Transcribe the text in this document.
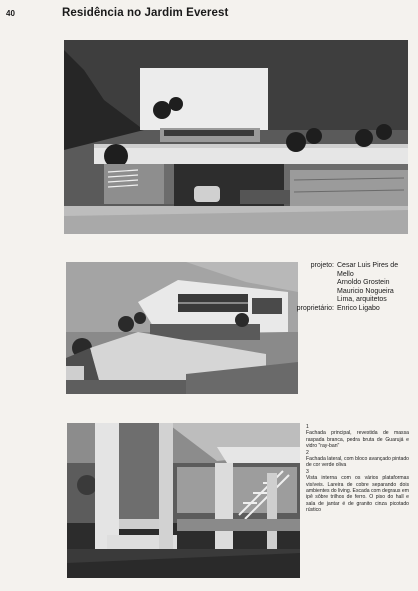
40	Residência no Jardim Everest
projeto: Cesar Luis Pires de
Mello
Arnoldo Grostein
Mauricio Nogueira
Lima, arquitetos
proprietário: Enrico Ligabo

1
Fachada principal, revestida de massa raspada branca, pedra bruta de Guarujá e vidro "ray-ban"

2
Fachada lateral, com bloco avançado pintado de cor verde oliva

3
Vista interna com os vários plataformas visíveis. Lareira de cobre separando dois ambientes do living. Escada com degraus em ipê sôbre trilhos de ferro. O piso do hall e sala de jantar é de granito cinza picotado rústico
